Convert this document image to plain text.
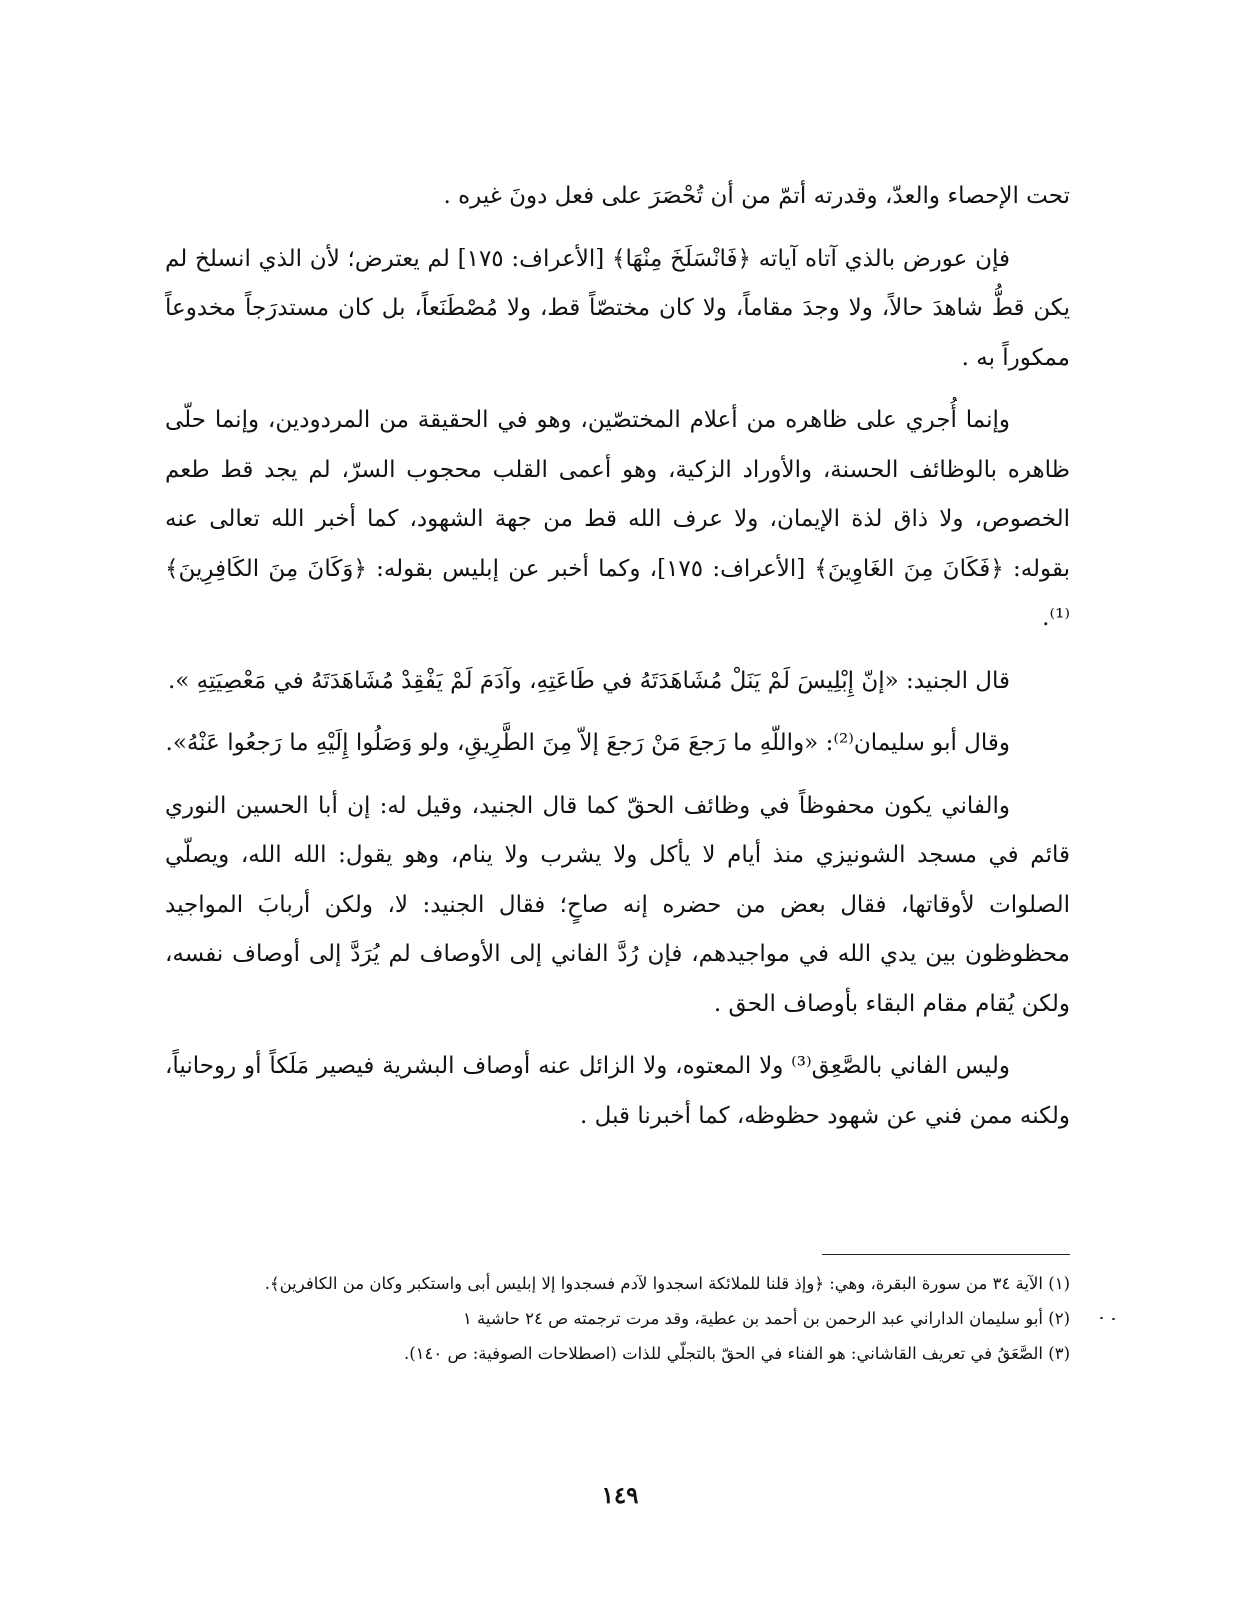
تحت الإحصاء والعدّ، وقدرته أتمّ من أن تُحْصَرَ على فعل دونَ غيره .

فإن عورض بالذي آتاه آياته ﴿فَانْسَلَخَ مِنْهَا﴾ [الأعراف: ١٧٥] لم يعترض؛ لأن الذي انسلخ لم يكن قطُّ شاهدَ حالاً، ولا وجدَ مقاماً، ولا كان مختصّاً قط، ولا مُصْطَنَعاً، بل كان مستدرَجاً مخدوعاً ممكوراً به .

وإنما أُجري على ظاهره من أعلام المختصّين، وهو في الحقيقة من المردودين، وإنما حلّى ظاهره بالوظائف الحسنة، والأوراد الزكية، وهو أعمى القلب محجوب السرّ، لم يجد قط طعم الخصوص، ولا ذاق لذة الإيمان، ولا عرف الله قط من جهة الشهود، كما أخبر الله تعالى عنه بقوله: ﴿فَكَانَ مِنَ الغَاوِينَ﴾ [الأعراف: ١٧٥]، وكما أخبر عن إبليس بقوله: ﴿وَكَانَ مِنَ الكَافِرِينَ﴾⁽¹⁾.

قال الجنيد: «إنّ إِبْلِيسَ لَمْ يَنَلْ مُشَاهَدَتَهُ في طَاعَتِهِ، وآدَمَ لَمْ يَفْقِدْ مُشَاهَدَتَهُ في مَعْصِيَتِهِ ».

وقال أبو سليمان⁽²⁾: «واللّهِ ما رَجعَ مَنْ رَجعَ إلاّ مِنَ الطَّرِيقِ، ولو وَصَلُوا إِلَيْهِ ما رَجعُوا عَنْهُ».

والفاني يكون محفوظاً في وظائف الحقّ كما قال الجنيد، وقيل له: إن أبا الحسين النوري قائم في مسجد الشونيزي منذ أيام لا يأكل ولا يشرب ولا ينام، وهو يقول: الله الله، ويصلّي الصلوات لأوقاتها، فقال بعض من حضره إنه صاحٍ؛ فقال الجنيد: لا، ولكن أربابَ المواجيد محظوظون بين يدي الله في مواجيدهم، فإن رُدَّ الفاني إلى الأوصاف لم يُرَدَّ إلى أوصاف نفسه، ولكن يُقام مقام البقاء بأوصاف الحق .

وليس الفاني بالصَّعِق⁽³⁾ ولا المعتوه، ولا الزائل عنه أوصاف البشرية فيصير مَلَكاً أو روحانياً، ولكنه ممن فني عن شهود حظوظه، كما أخبرنا قبل .

(١) الآية ٣٤ من سورة البقرة، وهي: ﴿وإذ قلنا للملائكة اسجدوا لآدم فسجدوا إلا إبليس أبى واستكبر وكان من الكافرين﴾.

(٢) أبو سليمان الداراني عبد الرحمن بن أحمد بن عطية، وقد مرت ترجمته ص ٢٤ حاشية ١

(٣) الصَّعَقُ في تعريف القاشاني: هو الفناء في الحقّ بالتجلّي للذات (اصطلاحات الصوفية: ص ١٤٠).

١٤٩
